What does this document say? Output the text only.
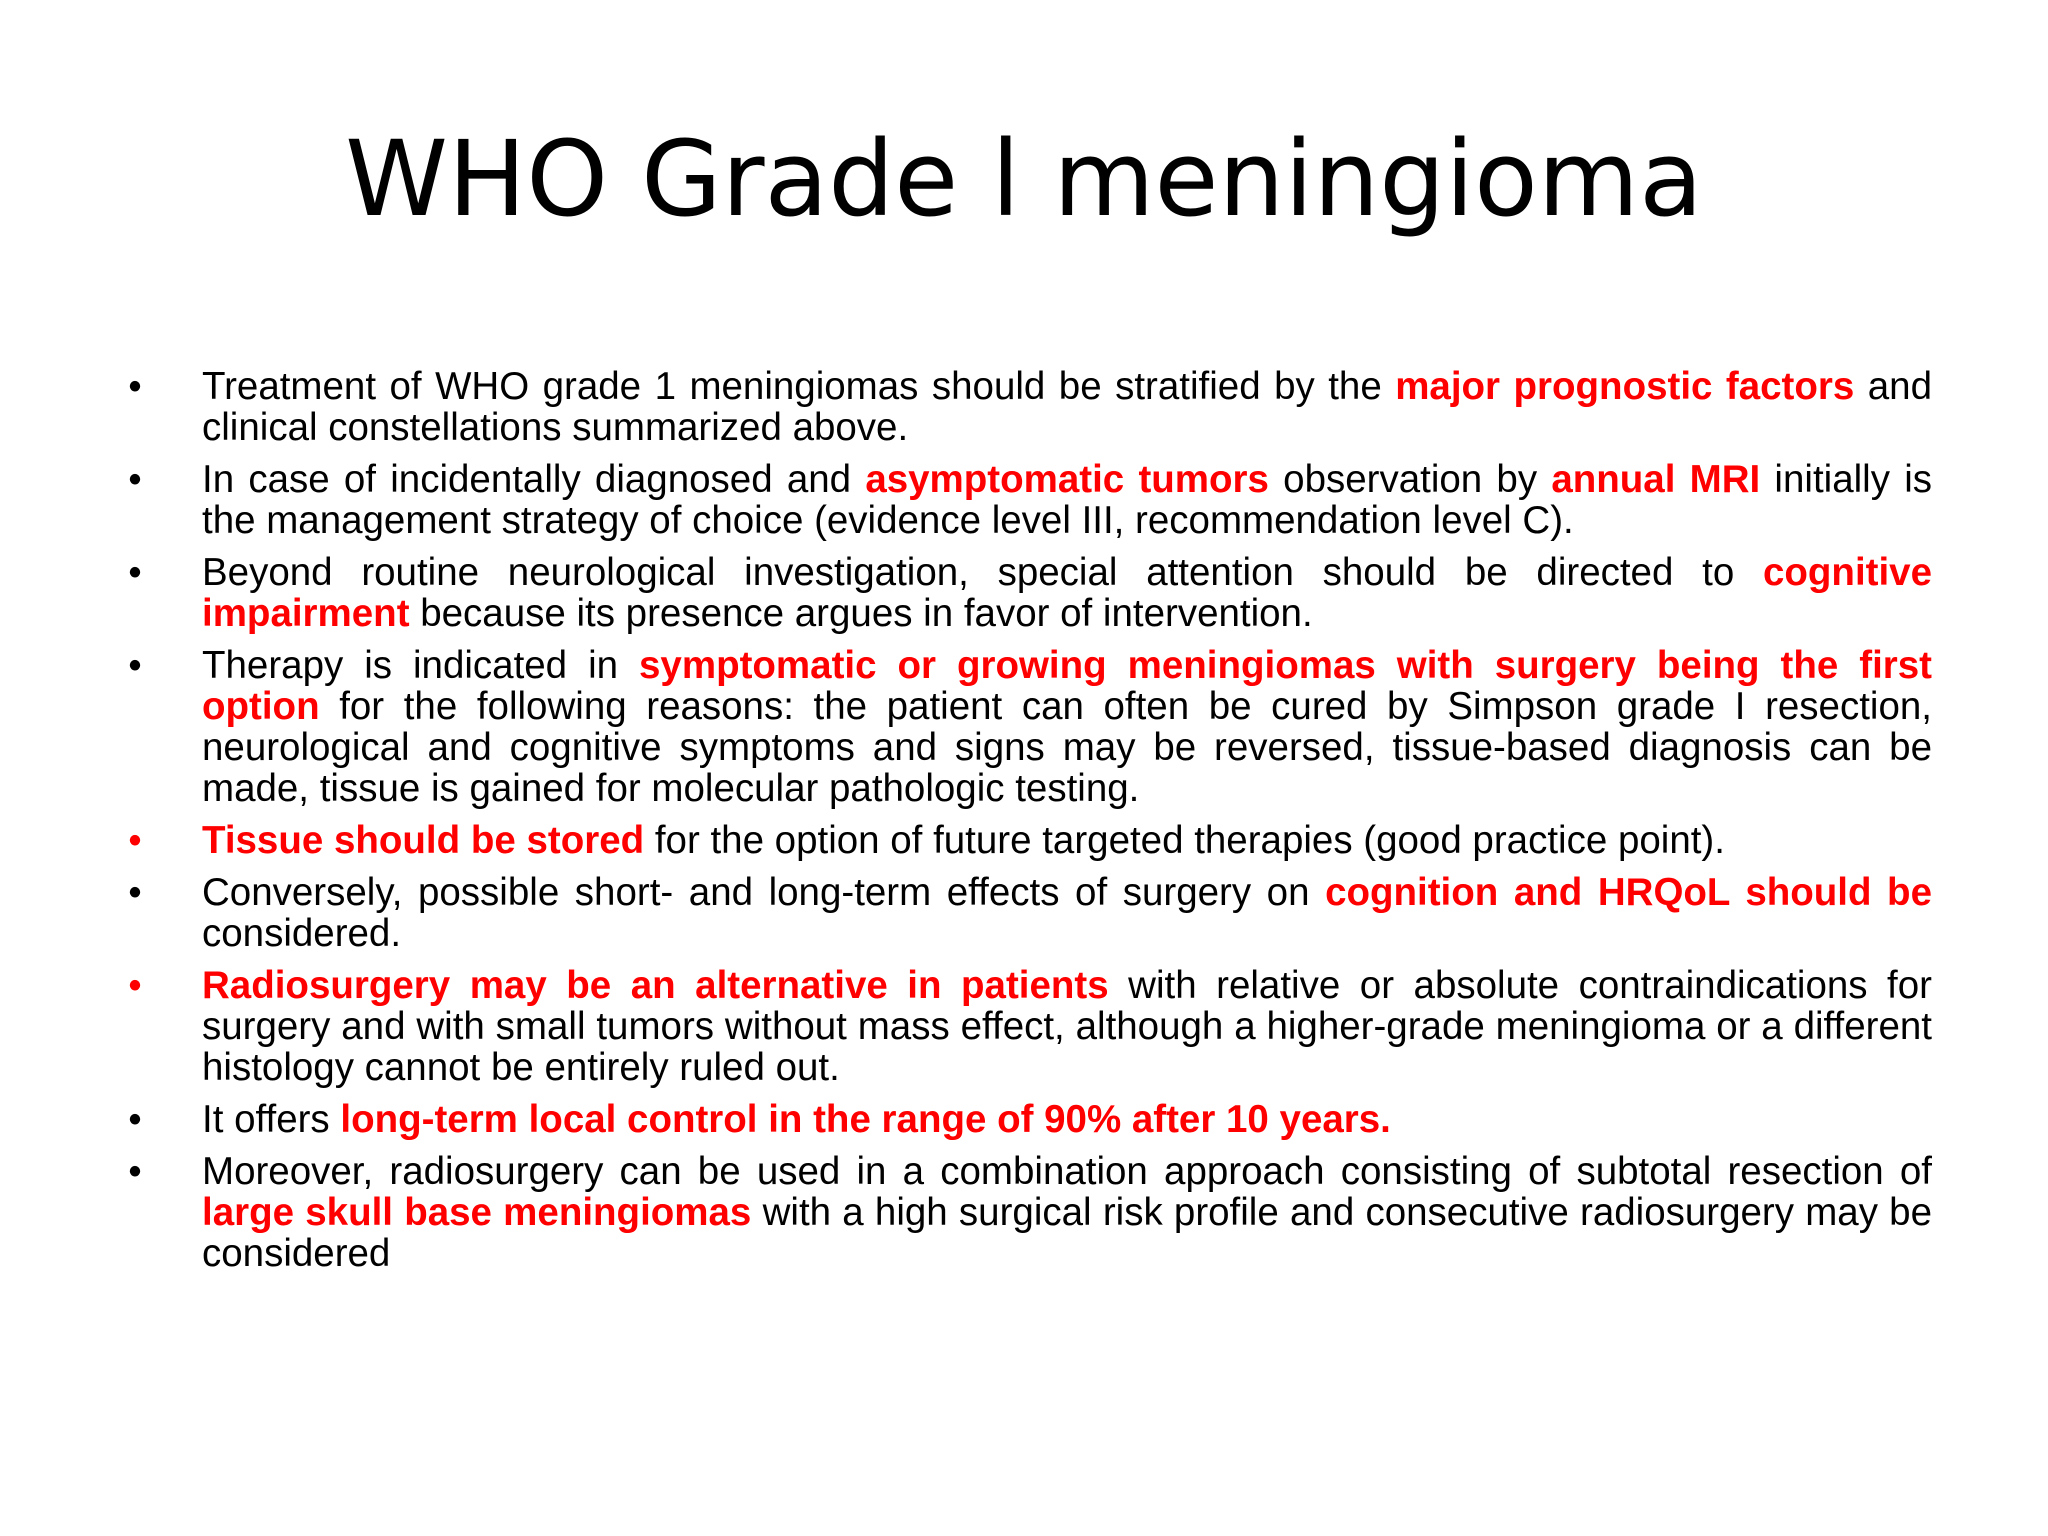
WHO Grade l meningioma
• Treatment of WHO grade 1 meningiomas should be stratified by the major prognostic factors and clinical constellations summarized above.
• In case of incidentally diagnosed and asymptomatic tumors observation by annual MRI initially is the management strategy of choice (evidence level III, recommendation level C).
• Beyond routine neurological investigation, special attention should be directed to cognitive impairment because its presence argues in favor of intervention.
• Therapy is indicated in symptomatic or growing meningiomas with surgery being the first option for the following reasons: the patient can often be cured by Simpson grade I resection, neurological and cognitive symptoms and signs may be reversed, tissue-based diagnosis can be made, tissue is gained for molecular pathologic testing.
• Tissue should be stored for the option of future targeted therapies (good practice point).
• Conversely, possible short- and long-term effects of surgery on cognition and HRQoL should be considered.
• Radiosurgery may be an alternative in patients with relative or absolute contraindications for surgery and with small tumors without mass effect, although a higher-grade meningioma or a different histology cannot be entirely ruled out.
• It offers long-term local control in the range of 90% after 10 years.
• Moreover, radiosurgery can be used in a combination approach consisting of subtotal resection of large skull base meningiomas with a high surgical risk profile and consecutive radiosurgery may be considered
